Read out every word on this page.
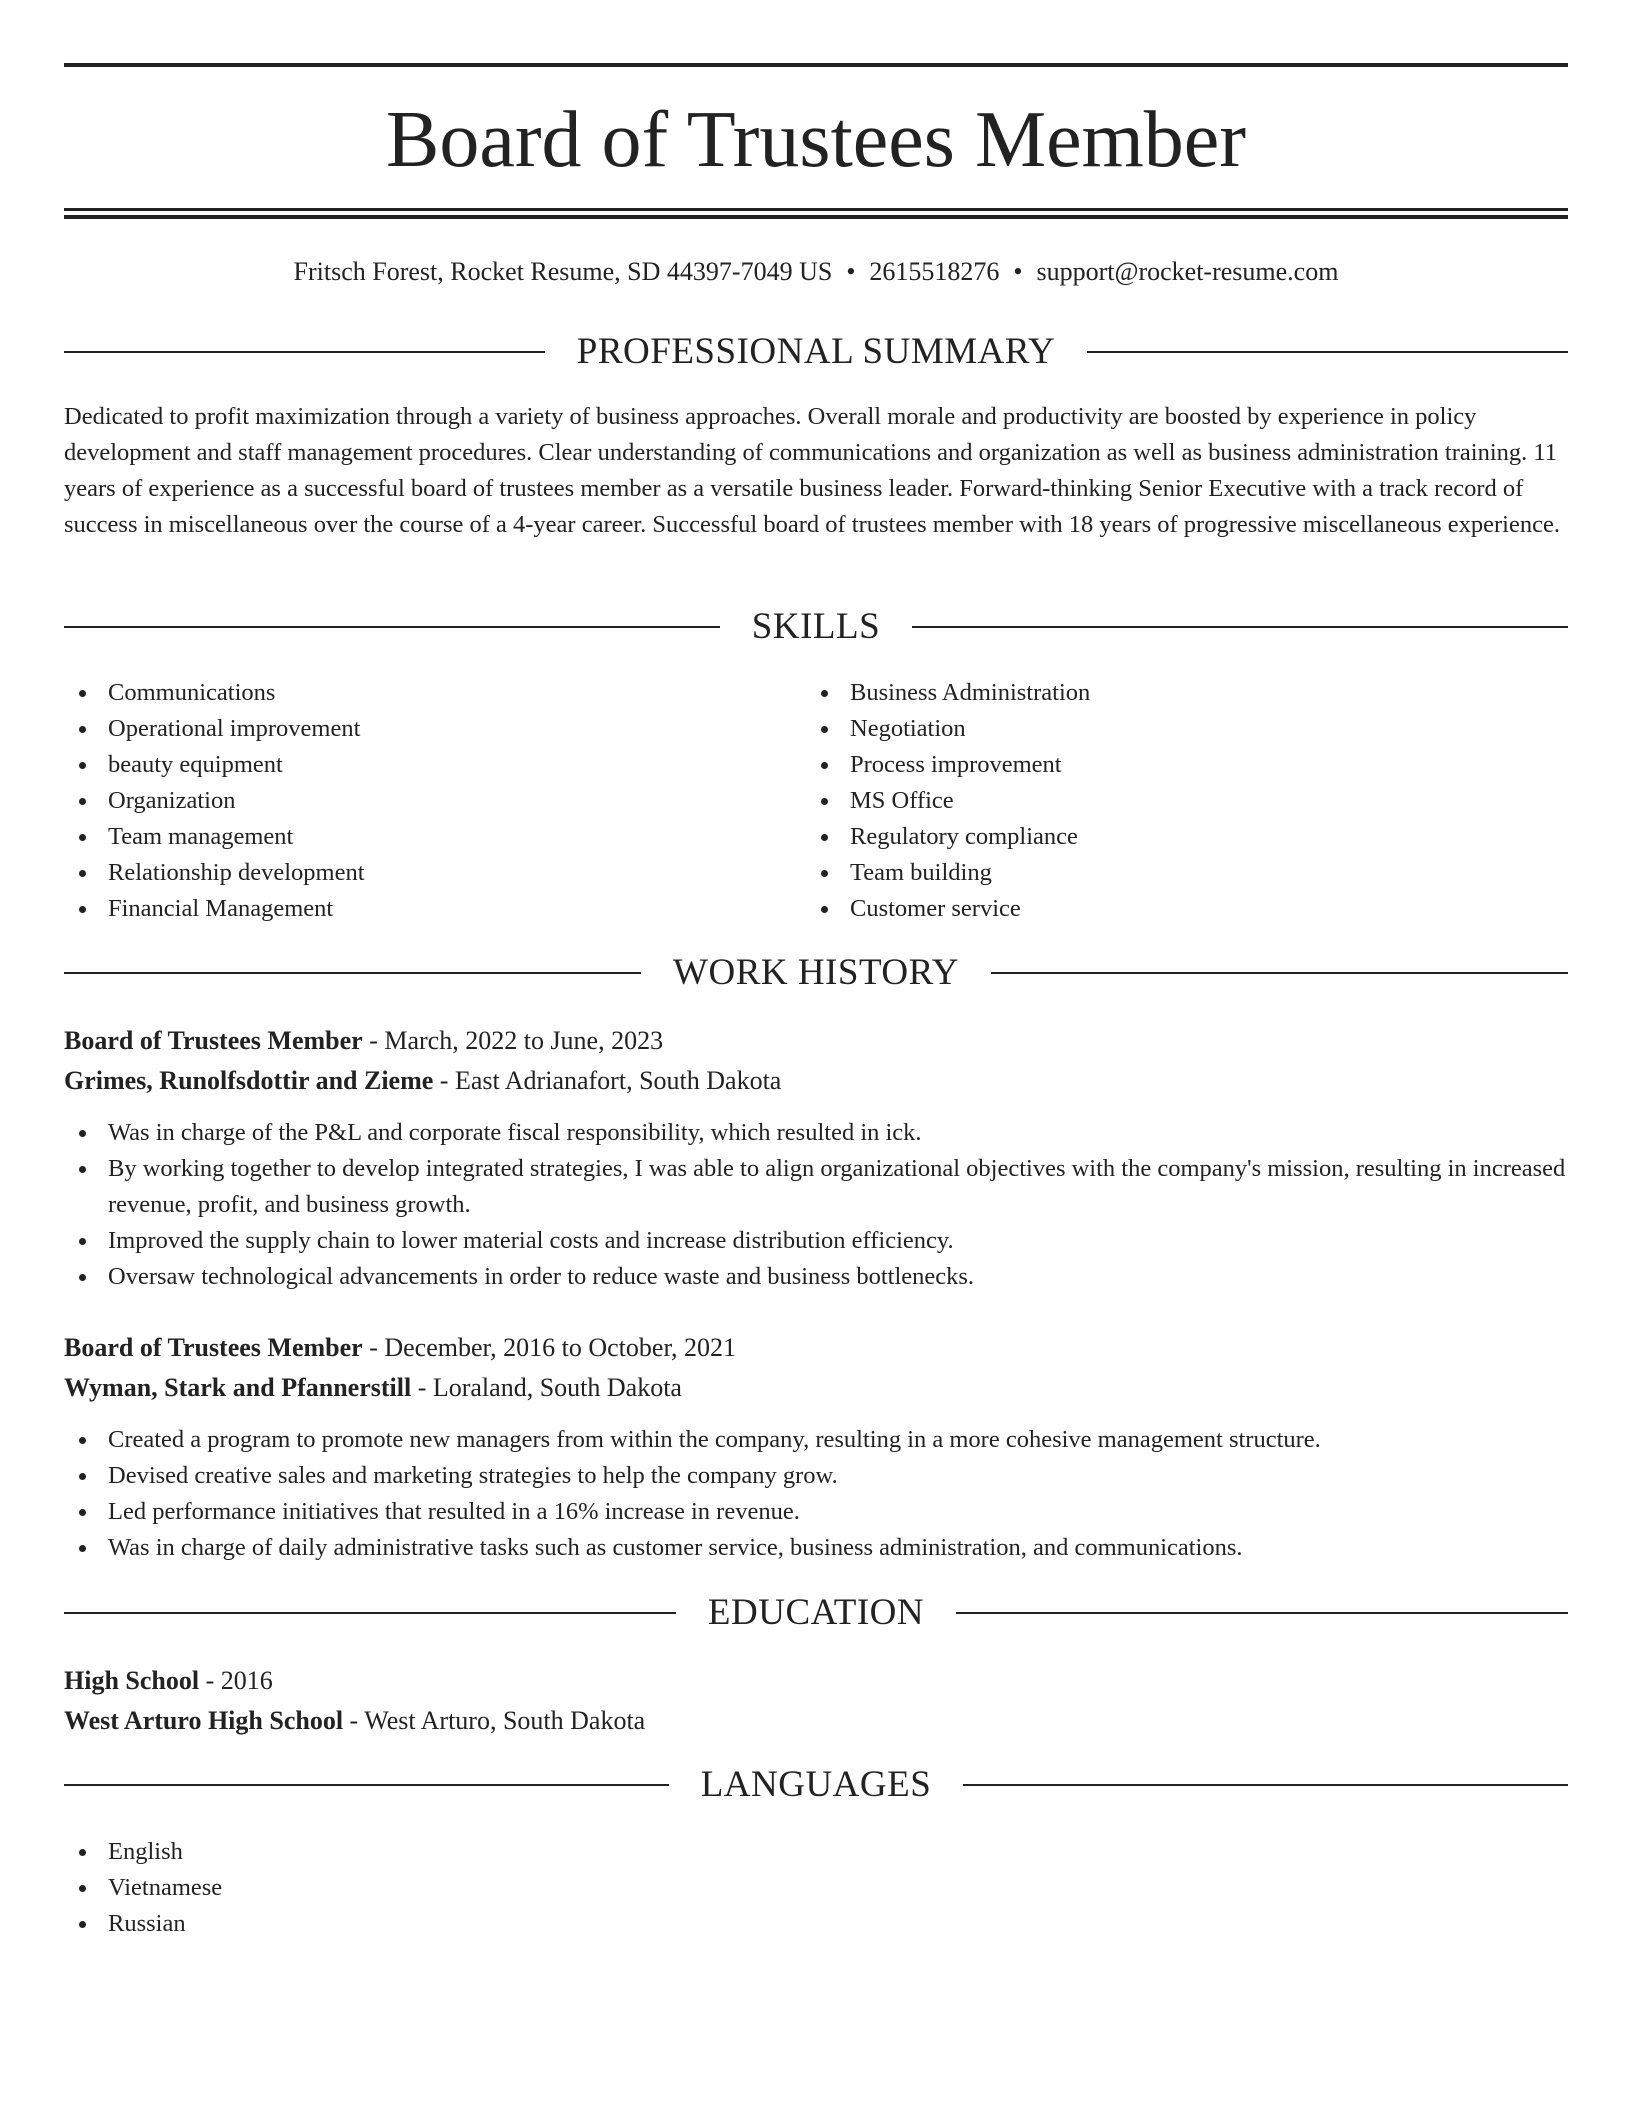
Board of Trustees Member
Fritsch Forest, Rocket Resume, SD 44397-7049 US • 2615518276 • support@rocket-resume.com
PROFESSIONAL SUMMARY
Dedicated to profit maximization through a variety of business approaches. Overall morale and productivity are boosted by experience in policy development and staff management procedures. Clear understanding of communications and organization as well as business administration training. 11 years of experience as a successful board of trustees member as a versatile business leader. Forward-thinking Senior Executive with a track record of success in miscellaneous over the course of a 4-year career. Successful board of trustees member with 18 years of progressive miscellaneous experience.
SKILLS
Communications
Operational improvement
beauty equipment
Organization
Team management
Relationship development
Financial Management
Business Administration
Negotiation
Process improvement
MS Office
Regulatory compliance
Team building
Customer service
WORK HISTORY
Board of Trustees Member - March, 2022 to June, 2023
Grimes, Runolfsdottir and Zieme - East Adrianafort, South Dakota
Was in charge of the P&L and corporate fiscal responsibility, which resulted in ick.
By working together to develop integrated strategies, I was able to align organizational objectives with the company's mission, resulting in increased revenue, profit, and business growth.
Improved the supply chain to lower material costs and increase distribution efficiency.
Oversaw technological advancements in order to reduce waste and business bottlenecks.
Board of Trustees Member - December, 2016 to October, 2021
Wyman, Stark and Pfannerstill - Loraland, South Dakota
Created a program to promote new managers from within the company, resulting in a more cohesive management structure.
Devised creative sales and marketing strategies to help the company grow.
Led performance initiatives that resulted in a 16% increase in revenue.
Was in charge of daily administrative tasks such as customer service, business administration, and communications.
EDUCATION
High School - 2016
West Arturo High School - West Arturo, South Dakota
LANGUAGES
English
Vietnamese
Russian
